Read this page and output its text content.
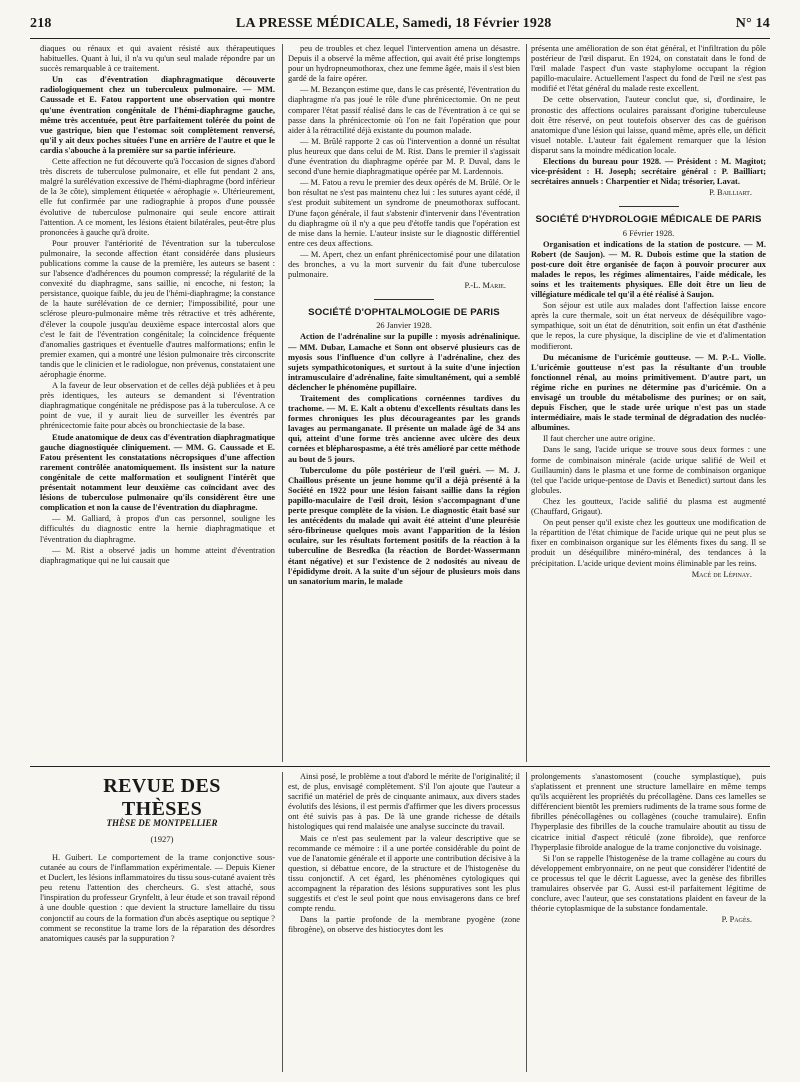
218	LA PRESSE MÉDICALE, Samedi, 18 Février 1928	N° 14

diaques ou rénaux et qui avaient résisté aux thérapeutiques habituelles. Quant à lui, il n'a vu qu'un seul malade répondre par un succès remarquable à ce traitement.

Un cas d'éventration diaphragmatique découverte radiologiquement chez un tuberculeux pulmonaire. — MM. Caussade et E. Fatou rapportent une observation qui montre qu'une éventration congénitale de l'hémi-diaphragme gauche, même très accentuée, peut être parfaitement tolérée du point de vue gastrique, bien que l'estomac soit complètement renversé, qu'il y ait deux poches situées l'une en arrière de l'autre et que le cardia s'abouche à la première sur sa partie inférieure.

Cette affection ne fut découverte qu'à l'occasion de signes d'abord très discrets de tuberculose pulmonaire, et elle fut pendant 2 ans, malgré la surélévation excessive de l'hémi-diaphragme (bord inférieur de la 3e côte), simplement étiquetée « aérophagie ». Ultérieurement, elle fut confirmée par une radiographie à propos d'une poussée évolutive de tuberculose pulmonaire qui seule encore attirait l'attention. A ce moment, les lésions étaient bilatérales, peut-être plus prononcées à gauche qu'à droite.

Pour prouver l'antériorité de l'éventration sur la tuberculose pulmonaire, la seconde affection étant considérée dans plusieurs publications comme la cause de la première, les auteurs se basent : sur l'absence d'adhérences du poumon compressé; la régularité de la convexité du diaphragme, sans saillie, ni encoche, ni feston; la persistance, quoique faible, du jeu de l'hémi-diaphragme; la constance de la haute surélévation de ce dernier; l'impossibilité, pour une sclérose pleuro-pulmonaire même très rétractive et très adhérente, d'élever la coupole jusqu'au deuxième espace intercostal alors que c'est le fait de l'éventration congénitale; la coïncidence fréquente d'anomalies gastriques et éventuelle d'autres malformations; enfin le premier examen, qui a montré une lésion pulmonaire très circonscrite tandis que le clinicien et le radiologue, non prévenus, constataient une aérophagie énorme.

A la faveur de leur observation et de celles déjà publiées et à peu près identiques, les auteurs se demandent si l'éventration diaphragmatique congénitale ne prédispose pas à la tuberculose. A ce point de vue, il y aurait lieu de surveiller les éventrés par phrénicectomie faite pour abcès ou bronchiectasie de la base.

Etude anatomique de deux cas d'éventration diaphragmatique gauche diagnostiquée cliniquement. — MM. G. Caussade et E. Fatou présentent les constatations nécropsiques d'une affection rarement contrôlée anatomiquement. Ils insistent sur la nature congénitale de cette malformation et soulignent l'intérêt que présentait notamment leur deuxième cas coïncidant avec des lésions de tuberculose pulmonaire qu'ils considèrent être une complication et non la cause de l'éventration du diaphragme.

— M. Galliard, à propos d'un cas personnel, souligne les difficultés du diagnostic entre la hernie diaphragmatique et l'éventration du diaphragme.

— M. Rist a observé jadis un homme atteint d'éventration diaphragmatique qui ne lui causait que

peu de troubles et chez lequel l'intervention amena un désastre. Depuis il a observé la même affection, qui avait été prise longtemps pour un hydropneumothorax, chez une femme âgée, mais il s'est bien gardé de la faire opérer.

— M. Bezançon estime que, dans le cas présenté, l'éventration du diaphragme n'a pas joué le rôle d'une phrénicectomie. On ne peut comparer l'état passif réalisé dans le cas de l'éventration à ce qui se passe dans la phrénicectomie où l'on ne fait l'opération que pour aider à la rétractilité déjà existante du poumon malade.

— M. Brûlé rapporte 2 cas où l'intervention a donné un résultat plus heureux que dans celui de M. Rist. Dans le premier il s'agissait d'une éventration du diaphragme opérée par M. P. Duval, dans le second d'une hernie diaphragmatique opérée par M. Lardennois.

— M. Fatou a revu le premier des deux opérés de M. Brûlé. Or le bon résultat ne s'est pas maintenu chez lui : les sutures ayant cédé, il s'est produit subitement un syndrome de pneumothorax suffocant. D'une façon générale, il faut s'abstenir d'intervenir dans l'éventration du diaphragme où il n'y a que peu d'étoffe tandis que l'opération est de mise dans la hernie. L'auteur insiste sur le diagnostic différentiel entre ces deux affections.

— M. Apert, chez un enfant phrénicectomisé pour une dilatation des bronches, a vu la mort survenir du fait d'une tuberculose pulmonaire.

P.-L. Marie.

SOCIÉTÉ D'OPHTALMOLOGIE DE PARIS

26 Janvier 1928.

Action de l'adrénaline sur la pupille : myosis adrénalinique. — MM. Dubar, Lamache et Sonn ont observé plusieurs cas de myosis sous l'influence d'un collyre à l'adrénaline, chez des sujets sympathicotoniques, et surtout à la suite d'une injection intramusculaire d'adrénaline, faite simultanément, qui a semblé déclencher le phénomène pupillaire.

Traitement des complications cornéennes tardives du trachome. — M. E. Kalt a obtenu d'excellents résultats dans les formes chroniques les plus décourageantes par les grands lavages au permanganate. Il présente un malade âgé de 34 ans qui, atteint d'une forme très ancienne avec ulcère des deux cornées et blépharospasme, a été très amélioré par cette méthode au bout de 5 jours.

Tuberculome du pôle postérieur de l'œil guéri. — M. J. Chaillous présente un jeune homme qu'il a déjà présenté à la Société en 1922 pour une lésion faisant saillie dans la région papillo-maculaire de l'œil droit, lésion s'accompagnant d'une perte presque complète de la vision. Le diagnostic était basé sur les antécédents du malade qui avait été atteint d'une pleurésie séro-fibrineuse quelques mois avant l'apparition de la lésion oculaire, sur les résultats fortement positifs de la réaction à la tuberculine de Besredka (la réaction de Bordet-Wassermann étant négative) et sur l'existence de 2 nodosités au niveau de l'épididyme droit. A la suite d'un séjour de plusieurs mois dans un sanatorium marin, le malade

présenta une amélioration de son état général, et l'infiltration du pôle postérieur de l'œil disparut. En 1924, on constatait dans le fond de l'œil malade l'aspect d'un vaste staphylome occupant la région papillo-maculaire. Actuellement l'aspect du fond de l'œil ne s'est pas modifié et l'état général du malade reste excellent.

De cette observation, l'auteur conclut que, si, d'ordinaire, le pronostic des affections oculaires paraissant d'origine tuberculeuse doit être réservé, on peut toutefois observer des cas de guérison anatomique d'une lésion qui laisse, quand même, après elle, un déficit visuel notable. L'auteur fait également remarquer que la lésion disparut sans la moindre médication locale.

Elections du bureau pour 1928. — Président : M. Magitot; vice-président : H. Joseph; secrétaire général : P. Bailliart; secrétaires annuels : Charpentier et Nida; trésorier, Lavat.

P. Bailliart.

SOCIÉTÉ D'HYDROLOGIE MÉDICALE DE PARIS

6 Février 1928.

Organisation et indications de la station de postcure. — M. Robert (de Saujon). — M. R. Dubois estime que la station de post-cure doit être organisée de façon à pouvoir procurer aux malades le repos, les régimes alimentaires, l'aide médicale, les soins et les traitements physiques. Elle doit être un lieu de villégiature médicale tel qu'il a été réalisé à Saujon.

Son séjour est utile aux malades dont l'affection laisse encore après la cure thermale, soit un état nerveux de déséquilibre vago-sympathique, soit un état de dénutrition, soit enfin un état d'asthénie que le repos, la cure physique, la discipline de vie et d'alimentation modifieront.

Du mécanisme de l'uricémie goutteuse. — M. P.-L. Violle. L'uricémie goutteuse n'est pas la résultante d'un trouble fonctionnel rénal, au moins primitivement. D'autre part, un régime riche en purines ne détermine pas d'uricémie. On a envisagé un trouble du métabolisme des purines; or on sait, depuis Fischer, que le stade urée urique n'est pas un stade intermédiaire, mais le stade terminal de dégradation des nucléo-albumines.

Il faut chercher une autre origine.

Dans le sang, l'acide urique se trouve sous deux formes : une forme de combinaison minérale (acide urique salifié de Weil et Guillaumin) dans le plasma et une forme de combinaison organique (tel que l'acide urique-pentose de Davis et Benedict) surtout dans les globules.

Chez les goutteux, l'acide salifié du plasma est augmenté (Chauffard, Grigaut).

On peut penser qu'il existe chez les goutteux une modification de la répartition de l'état chimique de l'acide urique qui ne peut plus se fixer en combinaison organique sur les éléments fixes du sang. Il se produit un déséquilibre minéro-minéral, des tendances à la précipitation. L'acide urique devient moins éliminable par les reins.

Macé de Lépinay.

REVUE DES THÈSES
THÈSE DE MONTPELLIER
(1927)

H. Guibert. Le comportement de la trame conjonctive sous-cutanée au cours de l'inflammation expérimentale. — Depuis Kiener et Duclert, les lésions inflammatoires du tissu sous-cutané avaient très peu retenu l'attention des chercheurs. G. s'est attaché, sous l'inspiration du professeur Grynfeltt, à leur étude et son travail répond à une double question : que devient la structure lamellaire du tissu conjonctif au cours de la formation d'un abcès aseptique ou septique ? comment se reconstitue la trame lors de la réparation des désordres anatomiques causés par la suppuration ?

Ainsi posé, le problème a tout d'abord le mérite de l'originalité; il est, de plus, envisagé complètement. S'il l'on ajoute que l'auteur a sacrifié un matériel de près de cinquante animaux, aux divers stades évolutifs des lésions, il est permis d'affirmer que les divers processus ont été suivis pas à pas. De là une grande richesse de détails histologiques qui rend malaisée une analyse succincte du travail.

Mais ce n'est pas seulement par la valeur descriptive que se recommande ce mémoire : il a une portée considérable du point de vue de l'anatomie générale et il apporte une contribution décisive à la question, si débattue encore, de la structure et de l'histogenèse du tissu conjonctif. A cet égard, les phénomènes cytologiques qui accompagnent la réparation des lésions suppuratives sont les plus suggestifs et c'est le seul point que nous envisagerons dans ce bref compte rendu.

Dans la partie profonde de la membrane pyogène (zone fibrogène), on observe des histiocytes dont les

prolongements s'anastomosent (couche symplastique), puis s'aplatissent et prennent une structure lamellaire en même temps qu'ils acquièrent les propriétés du précollagène. Dans ces lamelles se différencient bientôt les premiers rudiments de la trame sous forme de fibrilles pénécollagènes ou collagènes (couche tramulaire). Enfin l'hyperplasie des fibrilles de la couche tramulaire aboutit au tissu de cicatrice initial d'aspect réticulé (zone fibroïde), que renforce l'hyperplasie fibroïde analogue de la trame conjonctive du voisinage.

Si l'on se rappelle l'histogenèse de la trame collagène au cours du développement embryonnaire, on ne peut que considérer l'identité de ce processus tel que le décrit Laguesse, avec la genèse des fibrilles tramulaires observée par G. Aussi est-il parfaitement légitime de conclure, avec l'auteur, que ses constatations plaident en faveur de la théorie cytoplasmique de la substance fondamentale.

P. Pagès.
